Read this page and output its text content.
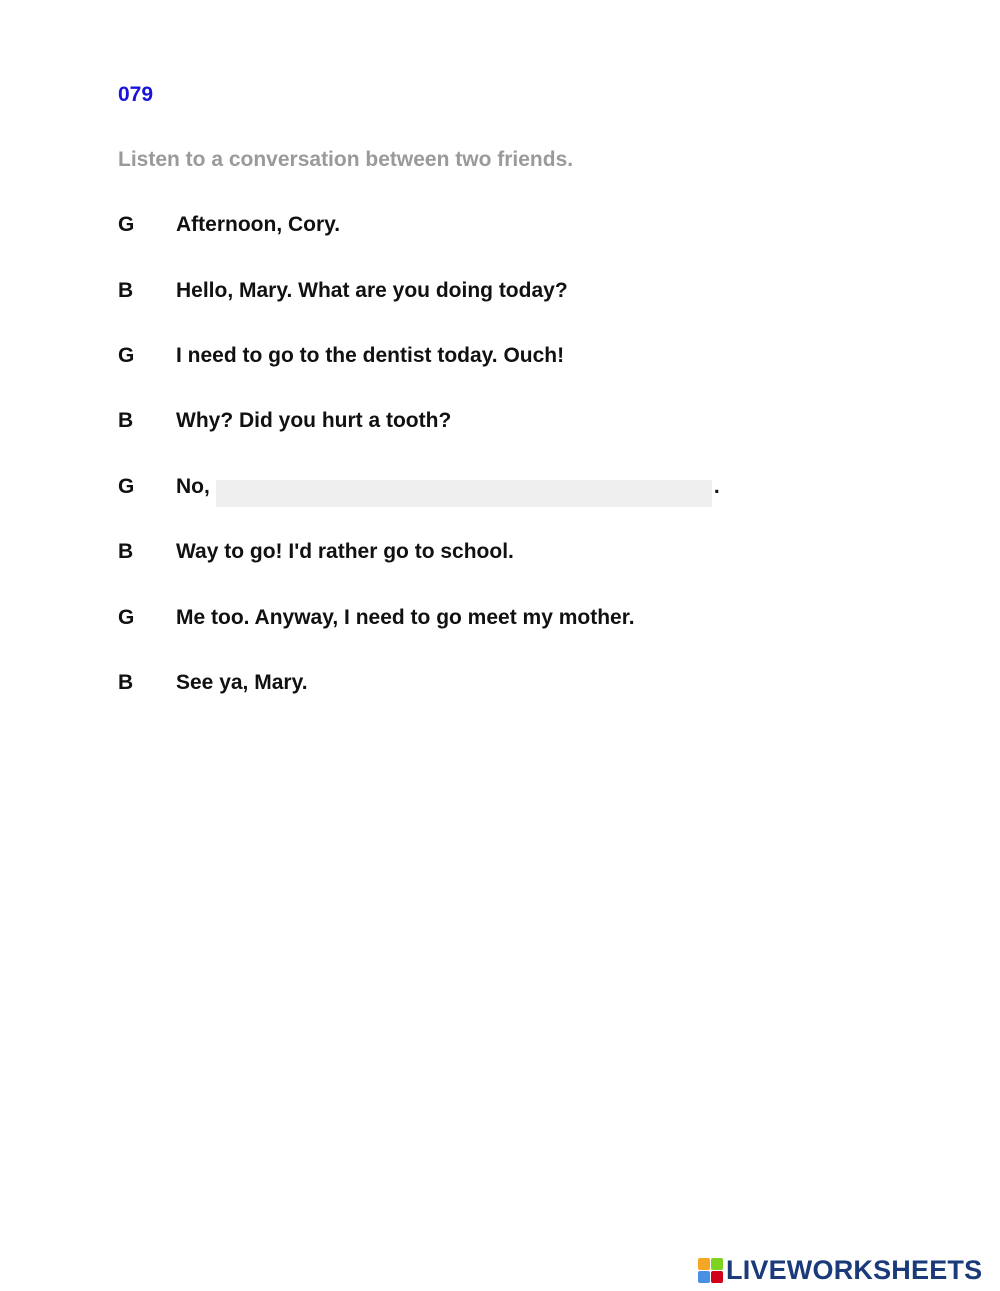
079

Listen to a conversation between two friends.

G Afternoon, Cory.
B Hello, Mary. What are you doing today?
G I need to go to the dentist today. Ouch!
B Why? Did you hurt a tooth?
G No,	.
B Way to go! I'd rather go to school.
G Me too. Anyway, I need to go meet my mother.
B See ya, Mary.
LIVEWORKSHEETS
